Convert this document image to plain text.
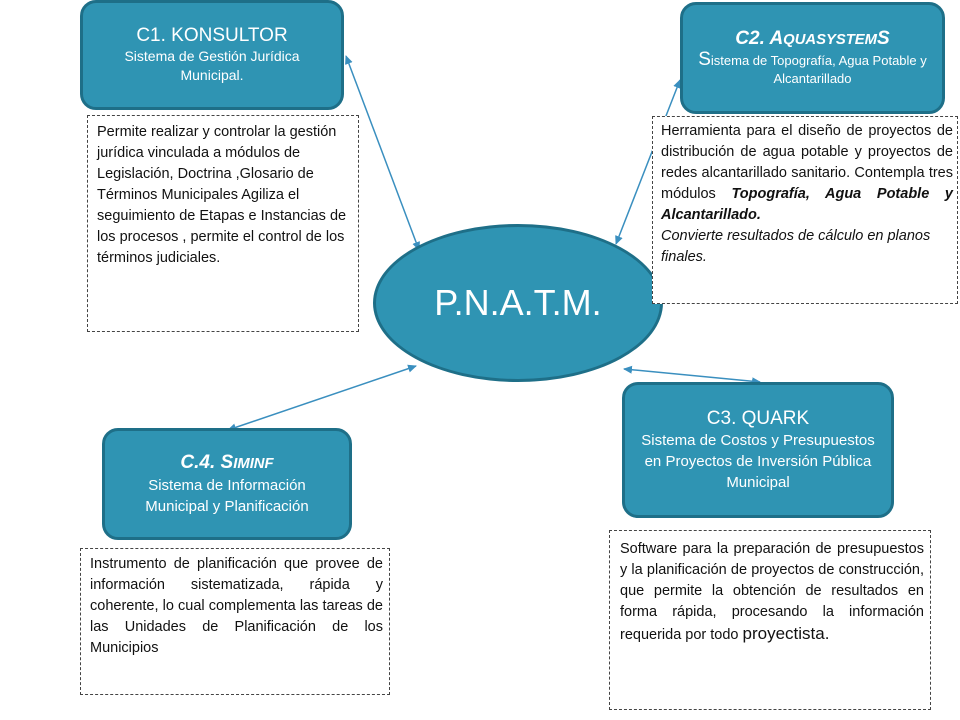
P.N.A.T.M.
C1. KONSULTOR
Sistema de Gestión Jurídica Municipal.
Permite realizar y controlar la gestión jurídica vinculada a módulos de Legislación, Doctrina ,Glosario de Términos Municipales Agiliza el seguimiento de Etapas e Instancias de los procesos , permite el control de los términos judiciales.
C2. AQUASYSTEMS
Sistema de Topografía, Agua Potable y Alcantarillado
Herramienta para el diseño de proyectos de distribución de agua potable y proyectos de redes alcantarillado sanitario. Contempla tres módulos Topografía, Agua Potable y Alcantarillado.
Convierte resultados de cálculo en planos finales.
C3. QUARK
Sistema de Costos y Presupuestos en Proyectos de Inversión Pública Municipal
Software para la preparación de presupuestos y la planificación de proyectos de construcción, que permite la obtención de resultados en forma rápida, procesando la información requerida por todo proyectista.
C.4. SIMINF
Sistema de Información Municipal y Planificación
Instrumento de planificación que provee de información sistematizada, rápida y coherente, lo cual complementa las tareas de las Unidades de Planificación de los Municipios
